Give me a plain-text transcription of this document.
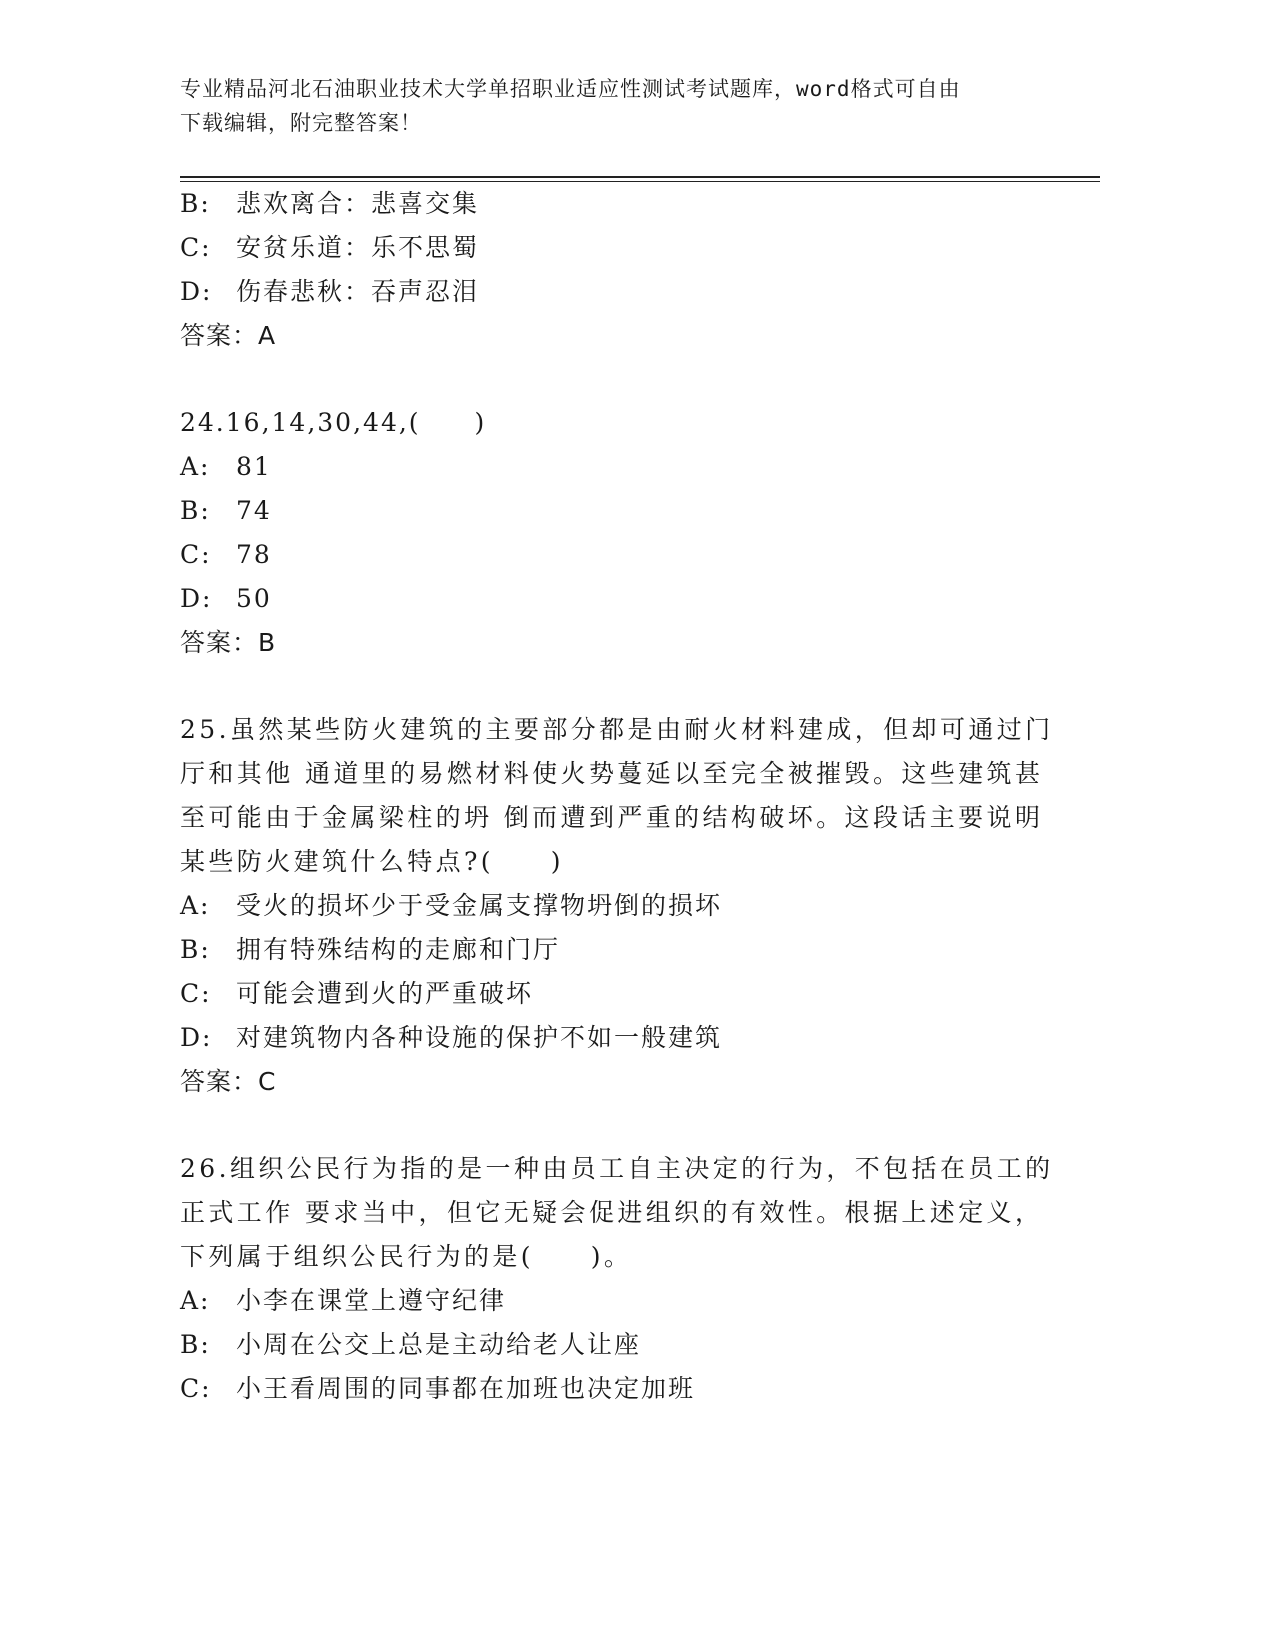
专业精品河北石油职业技术大学单招职业适应性测试考试题库，word格式可自由
下载编辑，附完整答案！
B:	悲欢离合：悲喜交集
C: 安贫乐道：乐不思蜀
D: 伤春悲秋：吞声忍泪
答案：A
24.16,14,30,44,(　　)
A:	81
B:	74
C: 78
D: 50
答案：B
25.虽然某些防火建筑的主要部分都是由耐火材料建成，但却可通过门
厅和其他 通道里的易燃材料使火势蔓延以至完全被摧毁。这些建筑甚
至可能由于金属梁柱的坍 倒而遭到严重的结构破坏。这段话主要说明
某些防火建筑什么特点?(　　)
A:	受火的损坏少于受金属支撑物坍倒的损坏
B:	拥有特殊结构的走廊和门厅
C: 可能会遭到火的严重破坏
D: 对建筑物内各种设施的保护不如一般建筑
答案：C
26.组织公民行为指的是一种由员工自主决定的行为，不包括在员工的
正式工作 要求当中，但它无疑会促进组织的有效性。根据上述定义，
下列属于组织公民行为的是(　　)。
A:	小李在课堂上遵守纪律
B:	小周在公交上总是主动给老人让座
C: 小王看周围的同事都在加班也决定加班
